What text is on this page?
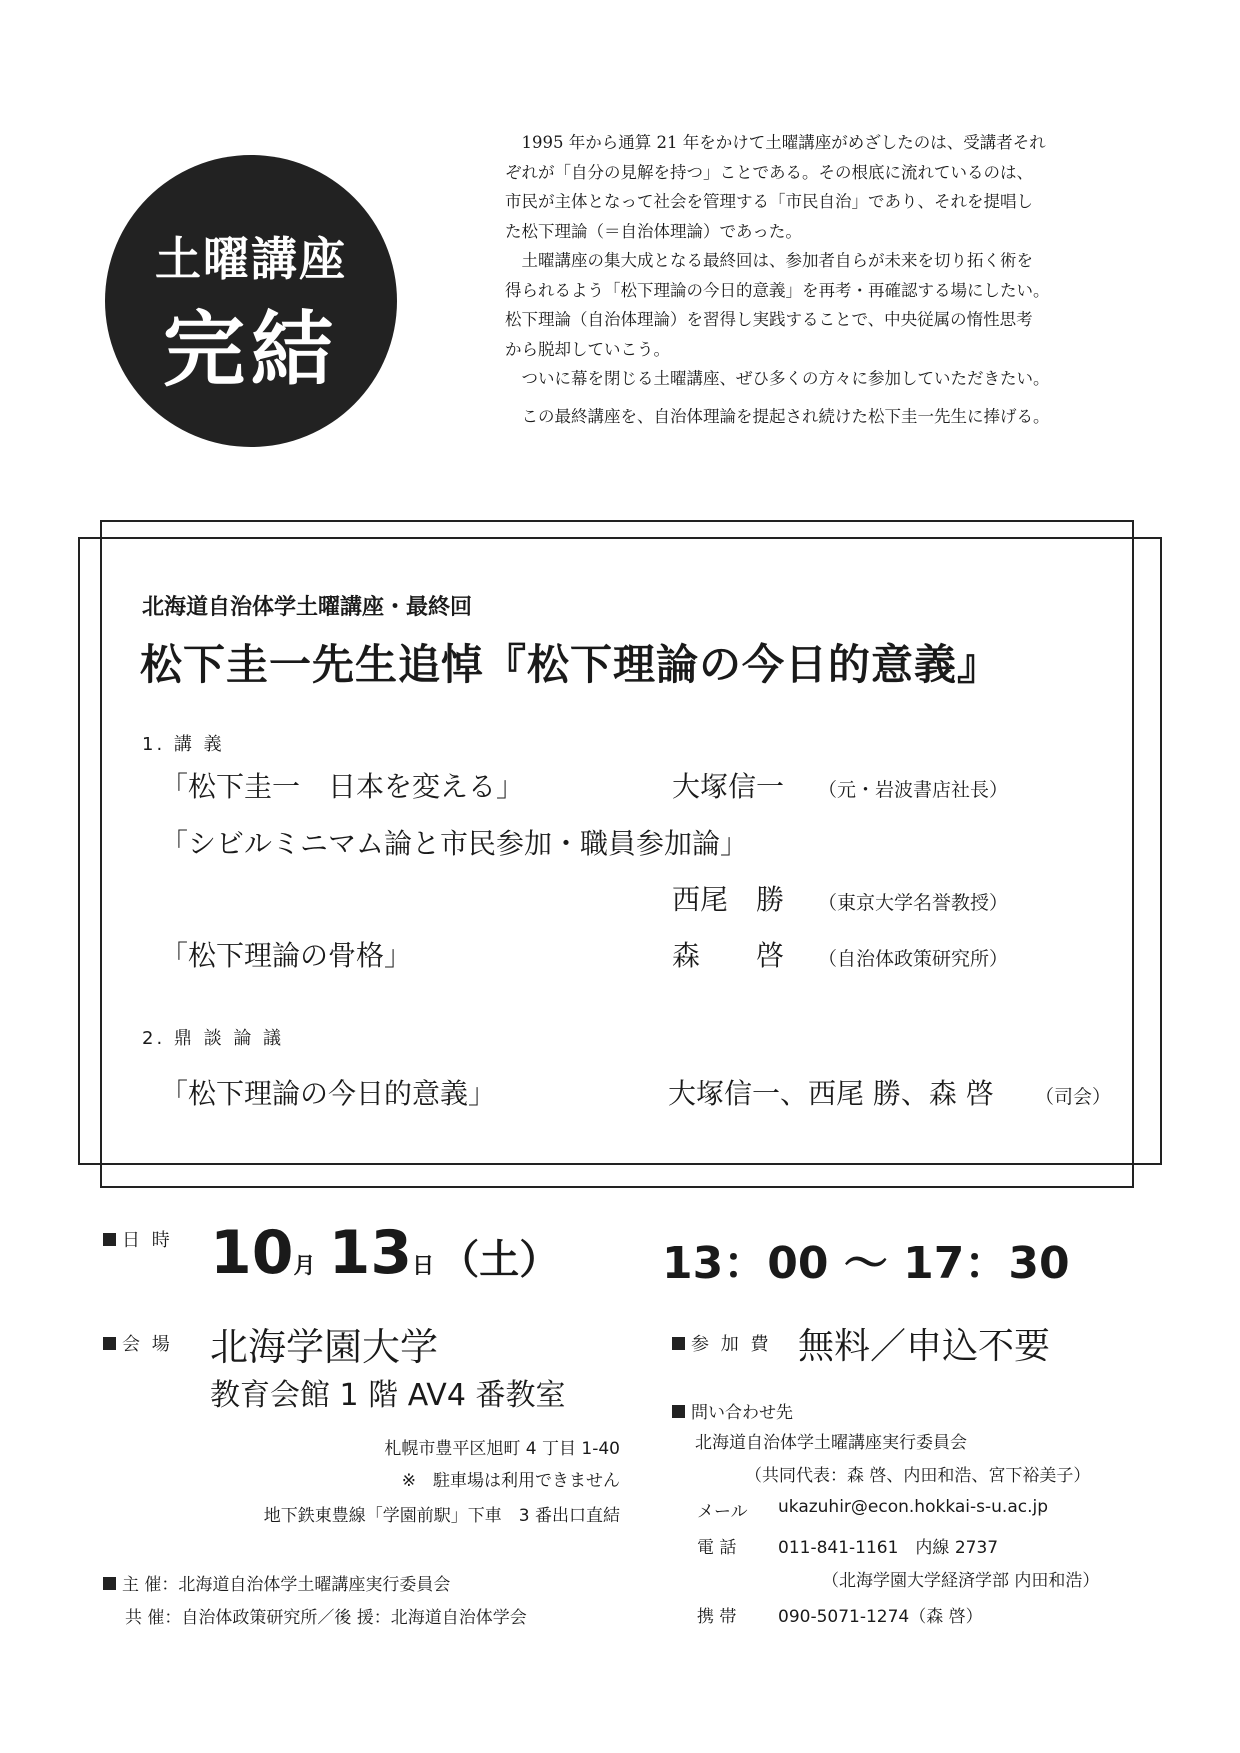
土曜講座
完結

　1995 年から通算 21 年をかけて土曜講座がめざしたのは、受講者それ

ぞれが「自分の見解を持つ」ことである。その根底に流れているのは、

市民が主体となって社会を管理する「市民自治」であり、それを提唱し

た松下理論（＝自治体理論）であった。

　土曜講座の集大成となる最終回は、参加者自らが未来を切り拓く術を

得られるよう「松下理論の今日的意義」を再考・再確認する場にしたい。

松下理論（自治体理論）を習得し実践することで、中央従属の惰性思考

から脱却していこう。

　ついに幕を閉じる土曜講座、ぜひ多くの方々に参加していただきたい。

　この最終講座を、自治体理論を提起され続けた松下圭一先生に捧げる。

北海道自治体学土曜講座・最終回
松下圭一先生追悼『松下理論の今日的意義』
1. 講 義
「松下圭一　日本を変える」	大塚信一 （元・岩波書店社長）
「シビルミニマム論と市民参加・職員参加論」
西尾　勝 （東京大学名誉教授）
「松下理論の骨格」	森　　啓 （自治体政策研究所）
2. 鼎 談 論 議
「松下理論の今日的意義」	大塚信一、西尾 勝、森 啓 （司会）
日 時 10月 13日 （土） 13：00 ～ 17：30
会 場 北海学園大学
教育会館 1 階 AV4 番教室
札幌市豊平区旭町 4 丁目 1-40
※　駐車場は利用できません
地下鉄東豊線「学園前駅」下車　3 番出口直結
参 加 費 無料／申込不要
問い合わせ先
北海道自治体学土曜講座実行委員会
（共同代表：森 啓、内田和浩、宮下裕美子）
メール ukazuhir@econ.hokkai-s-u.ac.jp
電 話 011-841-1161　内線 2737
（北海学園大学経済学部 内田和浩）
携 帯 090-5071-1274（森 啓）
主 催：北海道自治体学土曜講座実行委員会
共 催：自治体政策研究所／後 援：北海道自治体学会
